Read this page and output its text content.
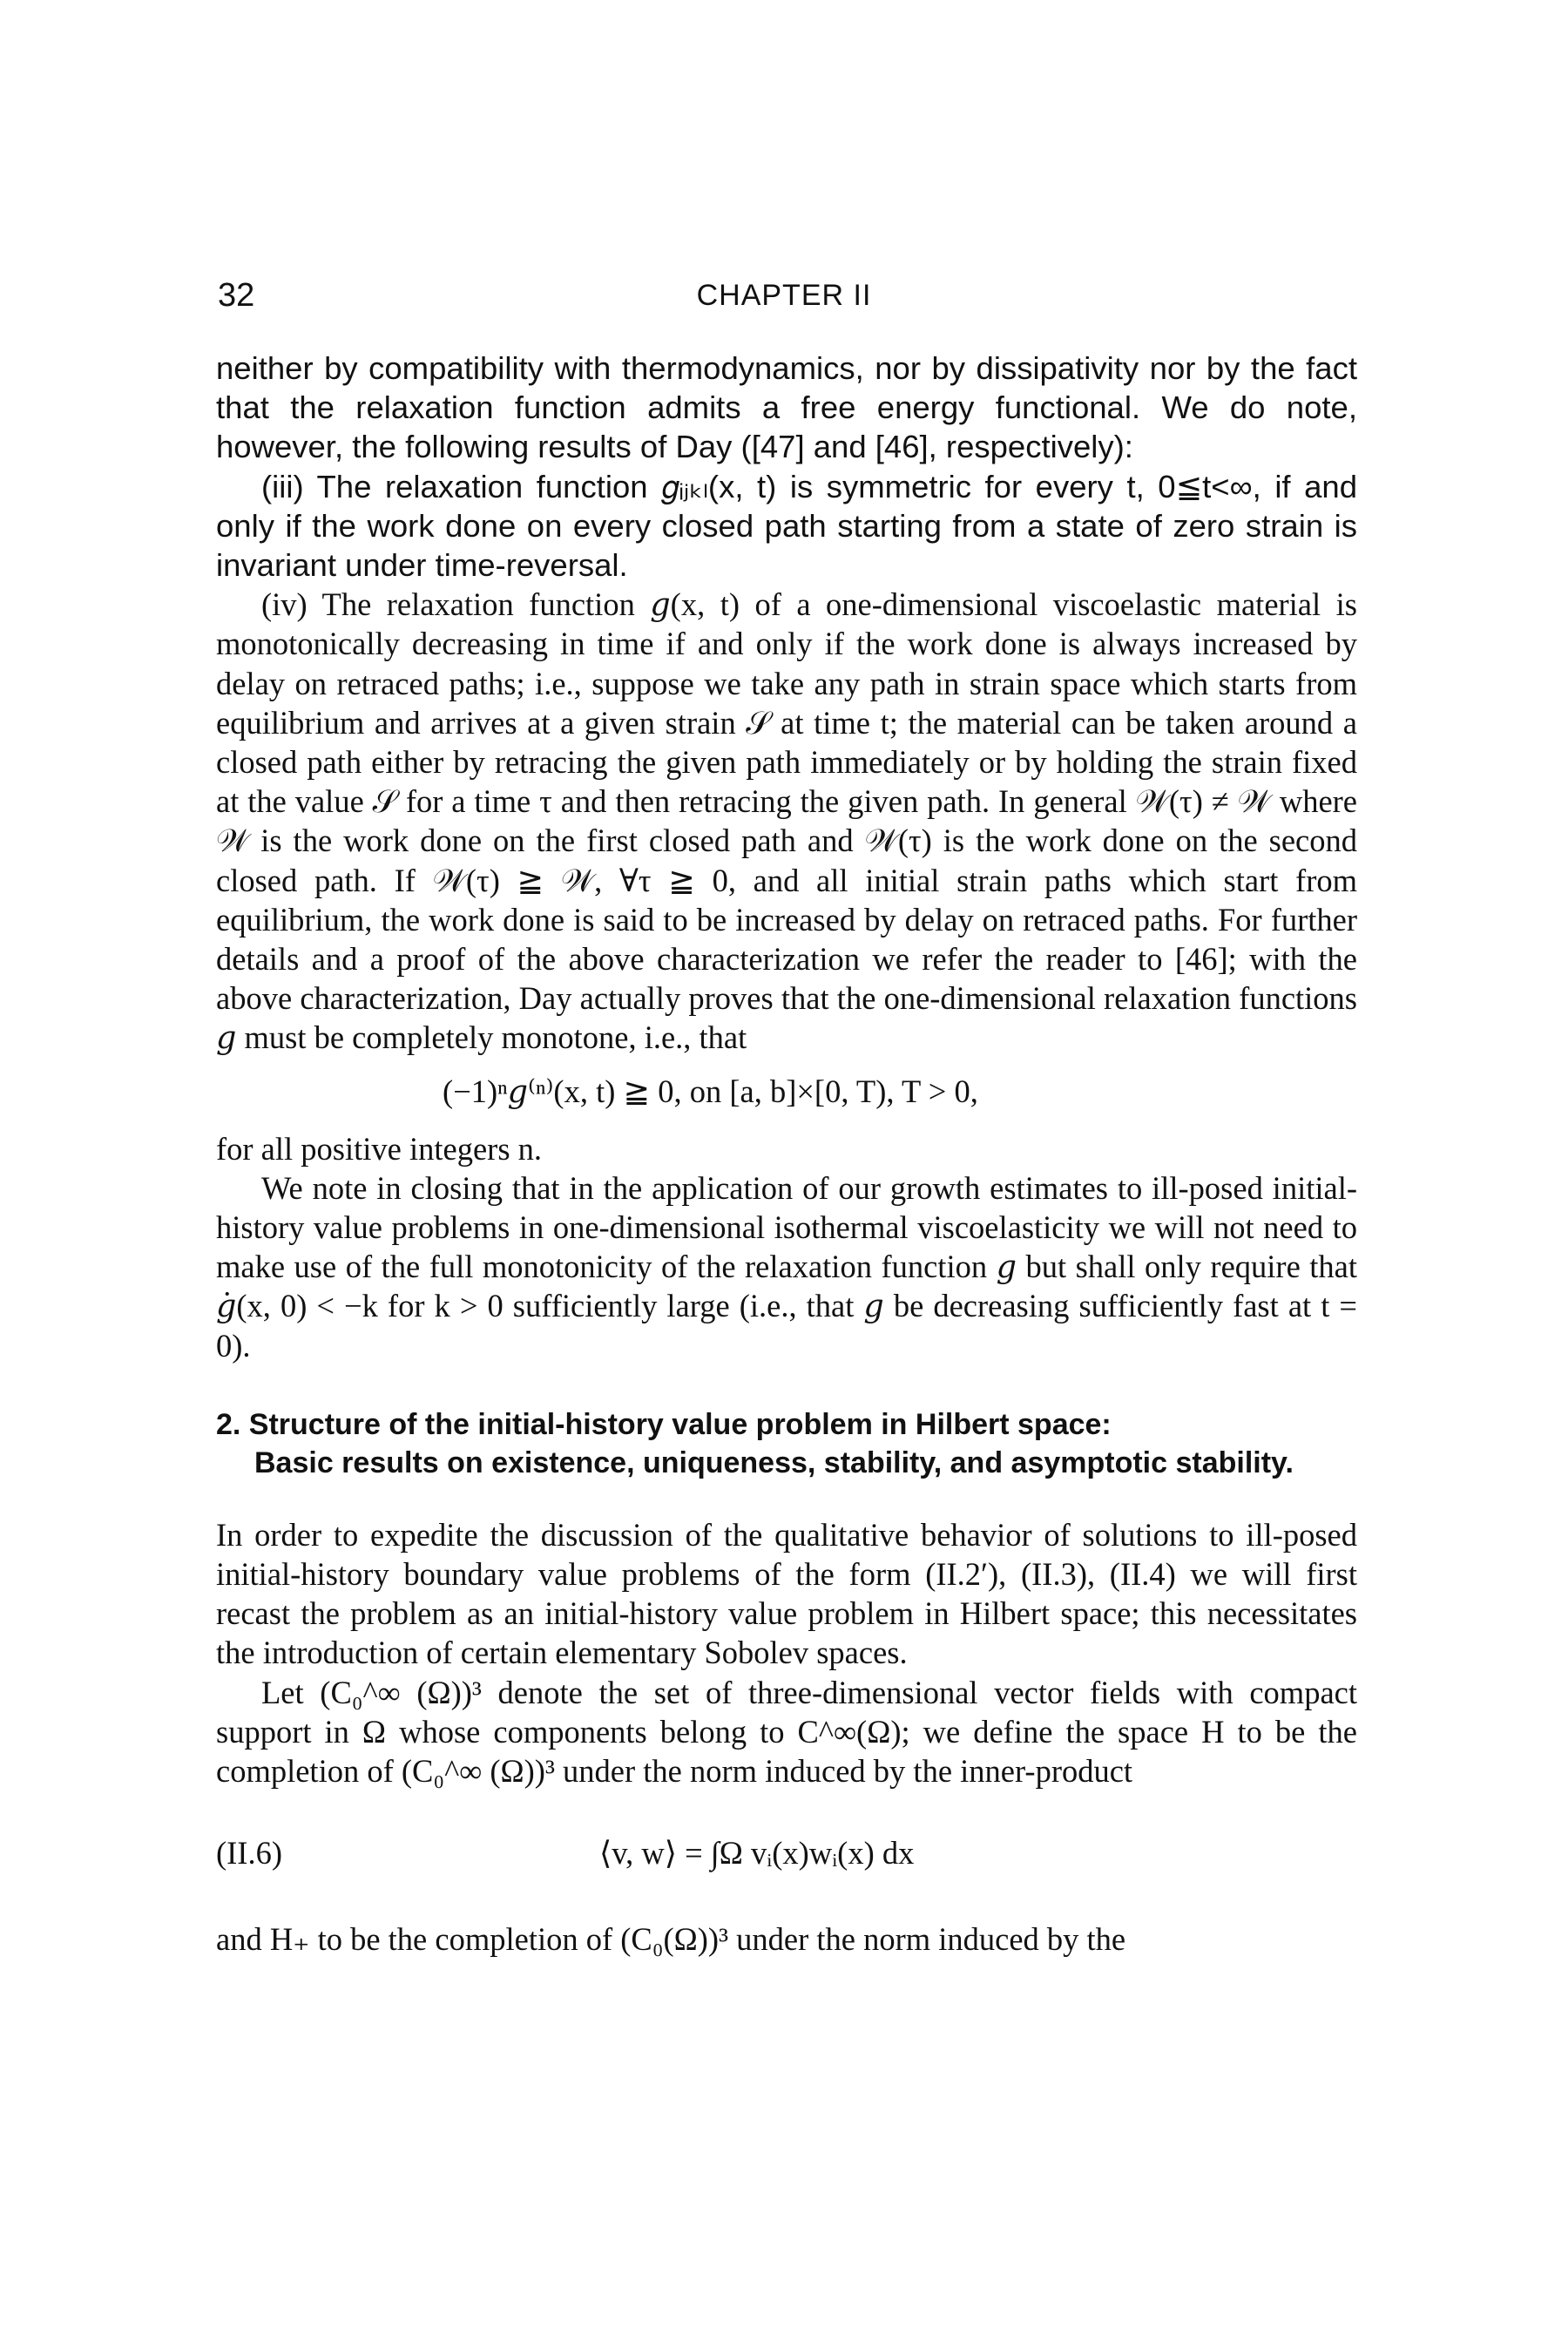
32	CHAPTER II

neither by compatibility with thermodynamics, nor by dissipativity nor by the fact that the relaxation function admits a free energy functional. We do note, however, the following results of Day ([47] and [46], respectively):

(iii) The relaxation function 𝑔ᵢⱼₖₗ(x, t) is symmetric for every t, 0≦t<∞, if and only if the work done on every closed path starting from a state of zero strain is invariant under time-reversal.

(iv) The relaxation function 𝑔(x, t) of a one-dimensional viscoelastic material is monotonically decreasing in time if and only if the work done is always increased by delay on retraced paths; i.e., suppose we take any path in strain space which starts from equilibrium and arrives at a given strain 𝒮 at time t; the material can be taken around a closed path either by retracing the given path immediately or by holding the strain fixed at the value 𝒮 for a time τ and then retracing the given path. In general 𝒲(τ) ≠ 𝒲 where 𝒲 is the work done on the first closed path and 𝒲(τ) is the work done on the second closed path. If 𝒲(τ) ≧ 𝒲, ∀τ ≧ 0, and all initial strain paths which start from equilibrium, the work done is said to be increased by delay on retraced paths. For further details and a proof of the above characterization we refer the reader to [46]; with the above characterization, Day actually proves that the one-dimensional relaxation functions 𝑔 must be completely monotone, i.e., that

(−1)ⁿ𝑔⁽ⁿ⁾(x, t) ≧ 0, on [a, b]×[0, T), T > 0,

for all positive integers n.

We note in closing that in the application of our growth estimates to ill-posed initial-history value problems in one-dimensional isothermal viscoelasticity we will not need to make use of the full monotonicity of the relaxation function 𝑔 but shall only require that 𝑔̇(x, 0) < −k for k > 0 sufficiently large (i.e., that 𝑔 be decreasing sufficiently fast at t = 0).

2. Structure of the initial-history value problem in Hilbert space:
Basic results on existence, uniqueness, stability, and asymptotic stability.

In order to expedite the discussion of the qualitative behavior of solutions to ill-posed initial-history boundary value problems of the form (II.2′), (II.3), (II.4) we will first recast the problem as an initial-history value problem in Hilbert space; this necessitates the introduction of certain elementary Sobolev spaces.

Let (C₀^∞ (Ω))³ denote the set of three-dimensional vector fields with compact support in Ω whose components belong to C^∞(Ω); we define the space H to be the completion of (C₀^∞ (Ω))³ under the norm induced by the inner-product

(II.6)	⟨v, w⟩ = ∫Ω vᵢ(x)wᵢ(x) dx

and H₊ to be the completion of (C₀(Ω))³ under the norm induced by the
